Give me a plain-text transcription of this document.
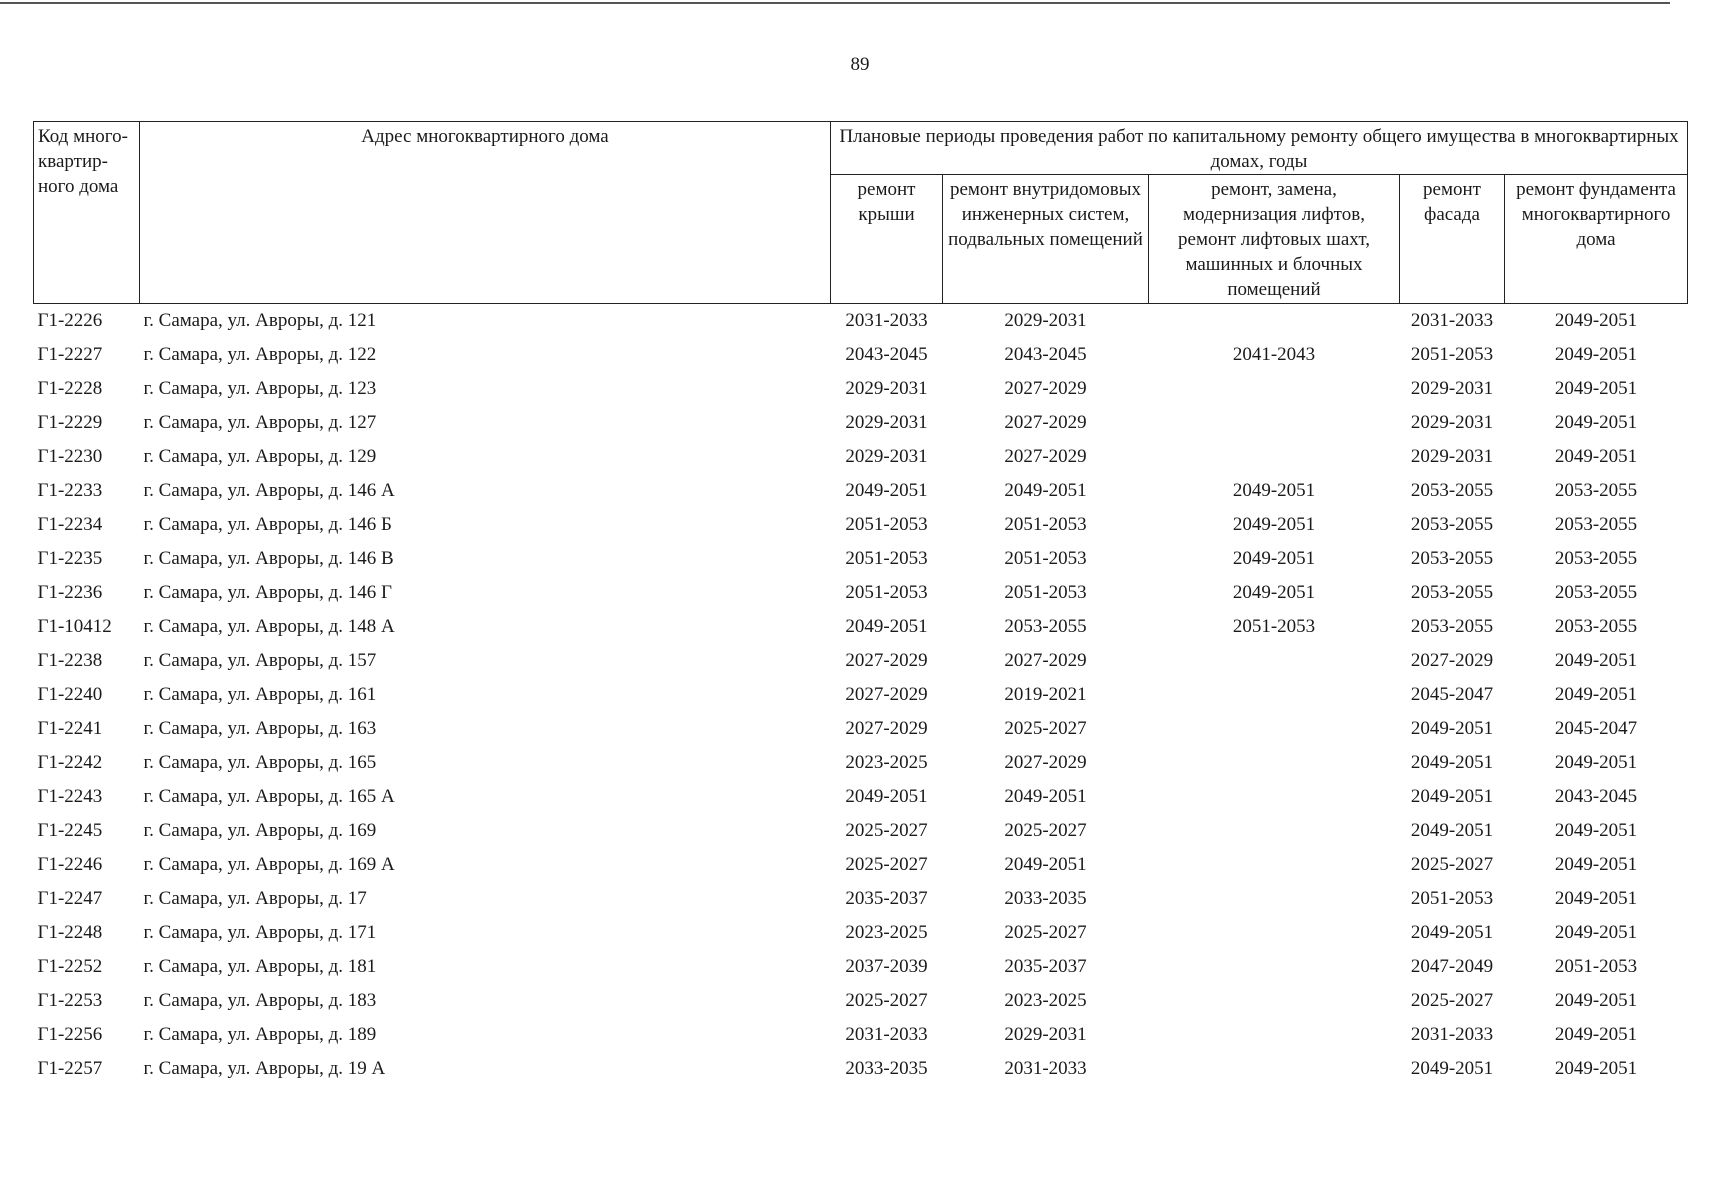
89
Код много-квартир-ного дома	Адрес многоквартирного дома	Плановые периоды проведения работ по капитальному ремонту общего имущества в многоквартирных домах, годы				
		ремонт крыши	ремонт внутридомовых инженерных систем, подвальных помещений	ремонт, замена, модернизация лифтов, ремонт лифтовых шахт, машинных и блочных помещений	ремонт фасада	ремонт фундамента многоквартирного дома
Г1-2226	г. Самара, ул. Авроры, д. 121	2031-2033	2029-2031		2031-2033	2049-2051
Г1-2227	г. Самара, ул. Авроры, д. 122	2043-2045	2043-2045	2041-2043	2051-2053	2049-2051
Г1-2228	г. Самара, ул. Авроры, д. 123	2029-2031	2027-2029		2029-2031	2049-2051
Г1-2229	г. Самара, ул. Авроры, д. 127	2029-2031	2027-2029		2029-2031	2049-2051
Г1-2230	г. Самара, ул. Авроры, д. 129	2029-2031	2027-2029		2029-2031	2049-2051
Г1-2233	г. Самара, ул. Авроры, д. 146 А	2049-2051	2049-2051	2049-2051	2053-2055	2053-2055
Г1-2234	г. Самара, ул. Авроры, д. 146 Б	2051-2053	2051-2053	2049-2051	2053-2055	2053-2055
Г1-2235	г. Самара, ул. Авроры, д. 146 В	2051-2053	2051-2053	2049-2051	2053-2055	2053-2055
Г1-2236	г. Самара, ул. Авроры, д. 146 Г	2051-2053	2051-2053	2049-2051	2053-2055	2053-2055
Г1-10412	г. Самара, ул. Авроры, д. 148 А	2049-2051	2053-2055	2051-2053	2053-2055	2053-2055
Г1-2238	г. Самара, ул. Авроры, д. 157	2027-2029	2027-2029		2027-2029	2049-2051
Г1-2240	г. Самара, ул. Авроры, д. 161	2027-2029	2019-2021		2045-2047	2049-2051
Г1-2241	г. Самара, ул. Авроры, д. 163	2027-2029	2025-2027		2049-2051	2045-2047
Г1-2242	г. Самара, ул. Авроры, д. 165	2023-2025	2027-2029		2049-2051	2049-2051
Г1-2243	г. Самара, ул. Авроры, д. 165 А	2049-2051	2049-2051		2049-2051	2043-2045
Г1-2245	г. Самара, ул. Авроры, д. 169	2025-2027	2025-2027		2049-2051	2049-2051
Г1-2246	г. Самара, ул. Авроры, д. 169 А	2025-2027	2049-2051		2025-2027	2049-2051
Г1-2247	г. Самара, ул. Авроры, д. 17	2035-2037	2033-2035		2051-2053	2049-2051
Г1-2248	г. Самара, ул. Авроры, д. 171	2023-2025	2025-2027		2049-2051	2049-2051
Г1-2252	г. Самара, ул. Авроры, д. 181	2037-2039	2035-2037		2047-2049	2051-2053
Г1-2253	г. Самара, ул. Авроры, д. 183	2025-2027	2023-2025		2025-2027	2049-2051
Г1-2256	г. Самара, ул. Авроры, д. 189	2031-2033	2029-2031		2031-2033	2049-2051
Г1-2257	г. Самара, ул. Авроры, д. 19 А	2033-2035	2031-2033		2049-2051	2049-2051
